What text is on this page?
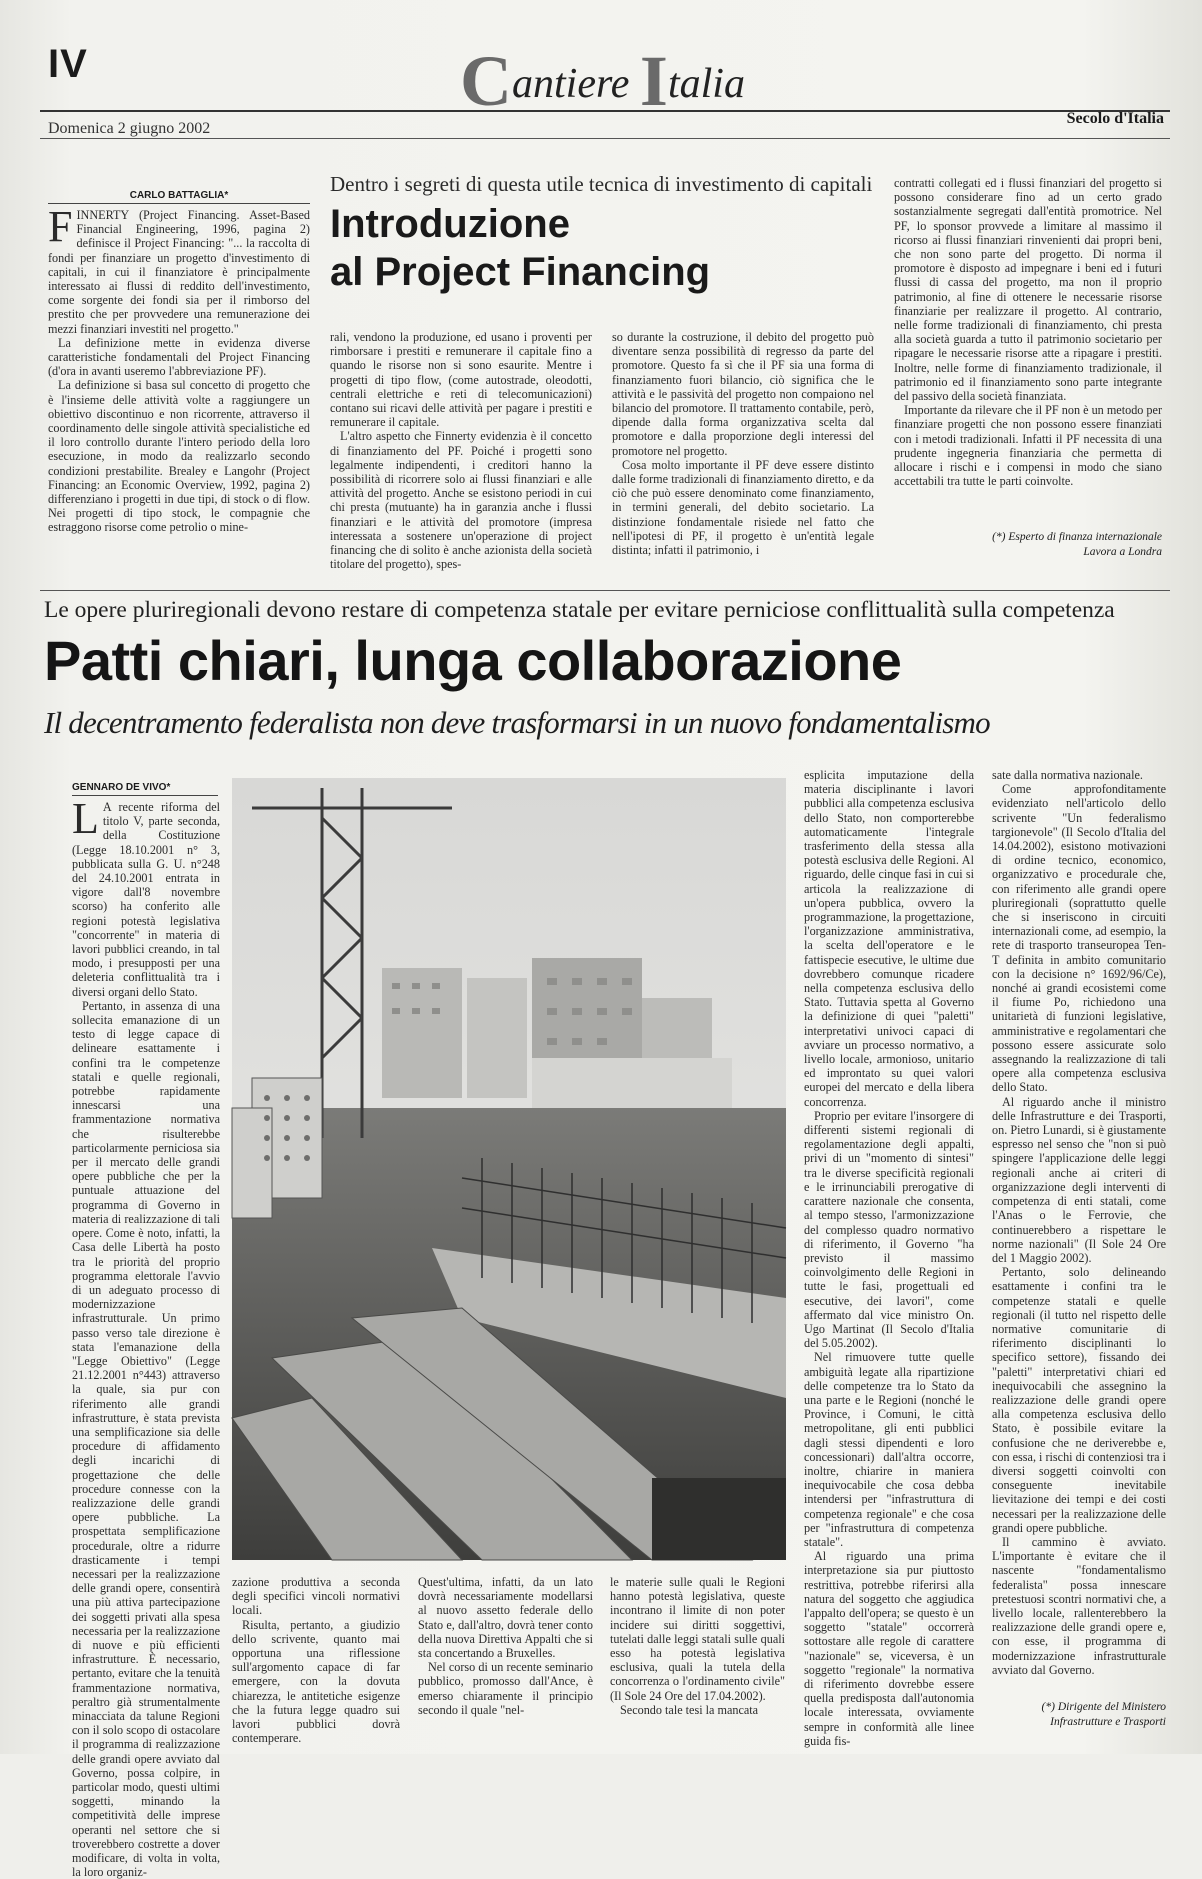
IV	Cantiere Italia
Domenica 2 giugno 2002
Secolo d'Italia
CARLO BATTAGLIA*
F INNERTY (Project Financing. Asset-Based Financial Engineering, 1996, pagina 2) definisce il Project Financing: "... la raccolta di fondi per finanziare un progetto d'investimento di capitali, in cui il finanziatore è principalmente interessato ai flussi di reddito dell'investimento, come sorgente dei fondi sia per il rimborso del prestito che per provvedere una remunerazione dei mezzi finanziari investiti nel progetto."

La definizione mette in evidenza diverse caratteristiche fondamentali del Project Financing (d'ora in avanti useremo l'abbreviazione PF).

La definizione si basa sul concetto di progetto che è l'insieme delle attività volte a raggiungere un obiettivo discontinuo e non ricorrente, attraverso il coordinamento delle singole attività specialistiche ed il loro controllo durante l'intero periodo della loro esecuzione, in modo da realizzarlo secondo condizioni prestabilite. Brealey e Langohr (Project Financing: an Economic Overview, 1992, pagina 2) differenziano i progetti in due tipi, di stock o di flow. Nei progetti di tipo stock, le compagnie che estraggono risorse come petrolio o mine-

Dentro i segreti di questa utile tecnica di investimento di capitali
Introduzione
al Project Financing

rali, vendono la produzione, ed usano i proventi per rimborsare i prestiti e remunerare il capitale fino a quando le risorse non si sono esaurite. Mentre i progetti di tipo flow, (come autostrade, oleodotti, centrali elettriche e reti di telecomunicazioni) contano sui ricavi delle attività per pagare i prestiti e remunerare il capitale.

L'altro aspetto che Finnerty evidenzia è il concetto di finanziamento del PF. Poiché i progetti sono legalmente indipendenti, i creditori hanno la possibilità di ricorrere solo ai flussi finanziari e alle attività del progetto. Anche se esistono periodi in cui chi presta (mutuante) ha in garanzia anche i flussi finanziari e le attività del promotore (impresa interessata a sostenere un'operazione di project financing che di solito è anche azionista della società titolare del progetto), spes-

so durante la costruzione, il debito del progetto può diventare senza possibilità di regresso da parte del promotore. Questo fa sì che il PF sia una forma di finanziamento fuori bilancio, ciò significa che le attività e le passività del progetto non compaiono nel bilancio del promotore. Il trattamento contabile, però, dipende dalla forma organizzativa scelta dal promotore e dalla proporzione degli interessi del promotore nel progetto.

Cosa molto importante il PF deve essere distinto dalle forme tradizionali di finanziamento diretto, e da ciò che può essere denominato come finanziamento, in termini generali, del debito societario. La distinzione fondamentale risiede nel fatto che nell'ipotesi di PF, il progetto è un'entità legale distinta; infatti il patrimonio, i

contratti collegati ed i flussi finanziari del progetto si possono considerare fino ad un certo grado sostanzialmente segregati dall'entità promotrice. Nel PF, lo sponsor provvede a limitare al massimo il ricorso ai flussi finanziari rinvenienti dai propri beni, che non sono parte del progetto. Di norma il promotore è disposto ad impegnare i beni ed i futuri flussi di cassa del progetto, ma non il proprio patrimonio, al fine di ottenere le necessarie risorse finanziarie per realizzare il progetto. Al contrario, nelle forme tradizionali di finanziamento, chi presta alla società guarda a tutto il patrimonio societario per ripagare le necessarie risorse atte a ripagare i prestiti. Inoltre, nelle forme di finanziamento tradizionale, il patrimonio ed il finanziamento sono parte integrante del passivo della società finanziata.

Importante da rilevare che il PF non è un metodo per finanziare progetti che non possono essere finanziati con i metodi tradizionali. Infatti il PF necessita di una prudente ingegneria finanziaria che permetta di allocare i rischi e i compensi in modo che siano accettabili tra tutte le parti coinvolte.

(*) Esperto di finanza internazionale
Lavora a Londra
Le opere pluriregionali devono restare di competenza statale per evitare perniciose conflittualità sulla competenza
Patti chiari, lunga collaborazione
Il decentramento federalista non deve trasformarsi in un nuovo fondamentalismo
GENNARO DE VIVO*
L A recente riforma del titolo V, parte seconda, della Costituzione (Legge 18.10.2001 n° 3, pubblicata sulla G. U. n°248 del 24.10.2001 entrata in vigore dall'8 novembre scorso) ha conferito alle regioni potestà legislativa "concorrente" in materia di lavori pubblici creando, in tal modo, i presupposti per una deleteria conflittualità tra i diversi organi dello Stato.

Pertanto, in assenza di una sollecita emanazione di un testo di legge capace di delineare esattamente i confini tra le competenze statali e quelle regionali, potrebbe rapidamente innescarsi una frammentazione normativa che risulterebbe particolarmente perniciosa sia per il mercato delle grandi opere pubbliche che per la puntuale attuazione del programma di Governo in materia di realizzazione di tali opere. Come è noto, infatti, la Casa delle Libertà ha posto tra le priorità del proprio programma elettorale l'avvio di un adeguato processo di modernizzazione infrastrutturale. Un primo passo verso tale direzione è stata l'emanazione della "Legge Obiettivo" (Legge 21.12.2001 n°443) attraverso la quale, sia pur con riferimento alle grandi infrastrutture, è stata prevista una semplificazione sia delle procedure di affidamento degli incarichi di progettazione che delle procedure connesse con la realizzazione delle grandi opere pubbliche. La prospettata semplificazione procedurale, oltre a ridurre drasticamente i tempi necessari per la realizzazione delle grandi opere, consentirà una più attiva partecipazione dei soggetti privati alla spesa necessaria per la realizzazione di nuove e più efficienti infrastrutture. È necessario, pertanto, evitare che la tenuità frammentazione normativa, peraltro già strumentalmente minacciata da talune Regioni con il solo scopo di ostacolare il programma di realizzazione delle grandi opere avviato dal Governo, possa colpire, in particolar modo, questi ultimi soggetti, minando la competitività delle imprese operanti nel settore che si troverebbero costrette a dover modificare, di volta in volta, la loro organiz-

zazione produttiva a seconda degli specifici vincoli normativi locali.

Risulta, pertanto, a giudizio dello scrivente, quanto mai opportuna una riflessione sull'argomento capace di far emergere, con la dovuta chiarezza, le antitetiche esigenze che la futura legge quadro sui lavori pubblici dovrà contemperare.

Quest'ultima, infatti, da un lato dovrà necessariamente modellarsi al nuovo assetto federale dello Stato e, dall'altro, dovrà tener conto della nuova Direttiva Appalti che si sta concertando a Bruxelles.

Nel corso di un recente seminario pubblico, promosso dall'Ance, è emerso chiaramente il principio secondo il quale "nel-

le materie sulle quali le Regioni hanno potestà legislativa, queste incontrano il limite di non poter incidere sui diritti soggettivi, tutelati dalle leggi statali sulle quali esso ha potestà legislativa esclusiva, quali la tutela della concorrenza o l'ordinamento civile" (Il Sole 24 Ore del 17.04.2002).

Secondo tale tesi la mancata

esplicita imputazione della materia disciplinante i lavori pubblici alla competenza esclusiva dello Stato, non comporterebbe automaticamente l'integrale trasferimento della stessa alla potestà esclusiva delle Regioni. Al riguardo, delle cinque fasi in cui si articola la realizzazione di un'opera pubblica, ovvero la programmazione, la progettazione, l'organizzazione amministrativa, la scelta dell'operatore e le fattispecie esecutive, le ultime due dovrebbero comunque ricadere nella competenza esclusiva dello Stato. Tuttavia spetta al Governo la definizione di quei "paletti" interpretativi univoci capaci di avviare un processo normativo, a livello locale, armonioso, unitario ed improntato su quei valori europei del mercato e della libera concorrenza.

Proprio per evitare l'insorgere di differenti sistemi regionali di regolamentazione degli appalti, privi di un "momento di sintesi" tra le diverse specificità regionali e le irrinunciabili prerogative di carattere nazionale che consenta, al tempo stesso, l'armonizzazione del complesso quadro normativo di riferimento, il Governo "ha previsto il massimo coinvolgimento delle Regioni in tutte le fasi, progettuali ed esecutive, dei lavori", come affermato dal vice ministro On. Ugo Martinat (Il Secolo d'Italia del 5.05.2002).

Nel rimuovere tutte quelle ambiguità legate alla ripartizione delle competenze tra lo Stato da una parte e le Regioni (nonché le Province, i Comuni, le città metropolitane, gli enti pubblici dagli stessi dipendenti e loro concessionari) dall'altra occorre, inoltre, chiarire in maniera inequivocabile che cosa debba intendersi per "infrastruttura di competenza regionale" e che cosa per "infrastruttura di competenza statale".

Al riguardo una prima interpretazione sia pur piuttosto restrittiva, potrebbe riferirsi alla natura del soggetto che aggiudica l'appalto dell'opera; se questo è un soggetto "statale" occorrerà sottostare alle regole di carattere "nazionale" se, viceversa, è un soggetto "regionale" la normativa di riferimento dovrebbe essere quella predisposta dall'autonomia locale interessata, ovviamente sempre in conformità alle linee guida fis-

sate dalla normativa nazionale.

Come approfonditamente evidenziato nell'articolo dello scrivente "Un federalismo targionevole" (Il Secolo d'Italia del 14.04.2002), esistono motivazioni di ordine tecnico, economico, organizzativo e procedurale che, con riferimento alle grandi opere pluriregionali (soprattutto quelle che si inseriscono in circuiti internazionali come, ad esempio, la rete di trasporto transeuropea Ten-T definita in ambito comunitario con la decisione n° 1692/96/Ce), nonché ai grandi ecosistemi come il fiume Po, richiedono una unitarietà di funzioni legislative, amministrative e regolamentari che possono essere assicurate solo assegnando la realizzazione di tali opere alla competenza esclusiva dello Stato.

Al riguardo anche il ministro delle Infrastrutture e dei Trasporti, on. Pietro Lunardi, si è giustamente espresso nel senso che "non si può spingere l'applicazione delle leggi regionali anche ai criteri di organizzazione degli interventi di competenza di enti statali, come l'Anas o le Ferrovie, che continuerebbero a rispettare le norme nazionali" (Il Sole 24 Ore del 1 Maggio 2002).

Pertanto, solo delineando esattamente i confini tra le competenze statali e quelle regionali (il tutto nel rispetto delle normative comunitarie di riferimento disciplinanti lo specifico settore), fissando dei "paletti" interpretativi chiari ed inequivocabili che assegnino la realizzazione delle grandi opere alla competenza esclusiva dello Stato, è possibile evitare la confusione che ne deriverebbe e, con essa, i rischi di contenziosi tra i diversi soggetti coinvolti con conseguente inevitabile lievitazione dei tempi e dei costi necessari per la realizzazione delle grandi opere pubbliche.

Il cammino è avviato. L'importante è evitare che il nascente "fondamentalismo federalista" possa innescare pretestuosi scontri normativi che, a livello locale, rallenterebbero la realizzazione delle grandi opere e, con esse, il programma di modernizzazione infrastrutturale avviato dal Governo.

(*) Dirigente del Ministero
Infrastrutture e Trasporti
